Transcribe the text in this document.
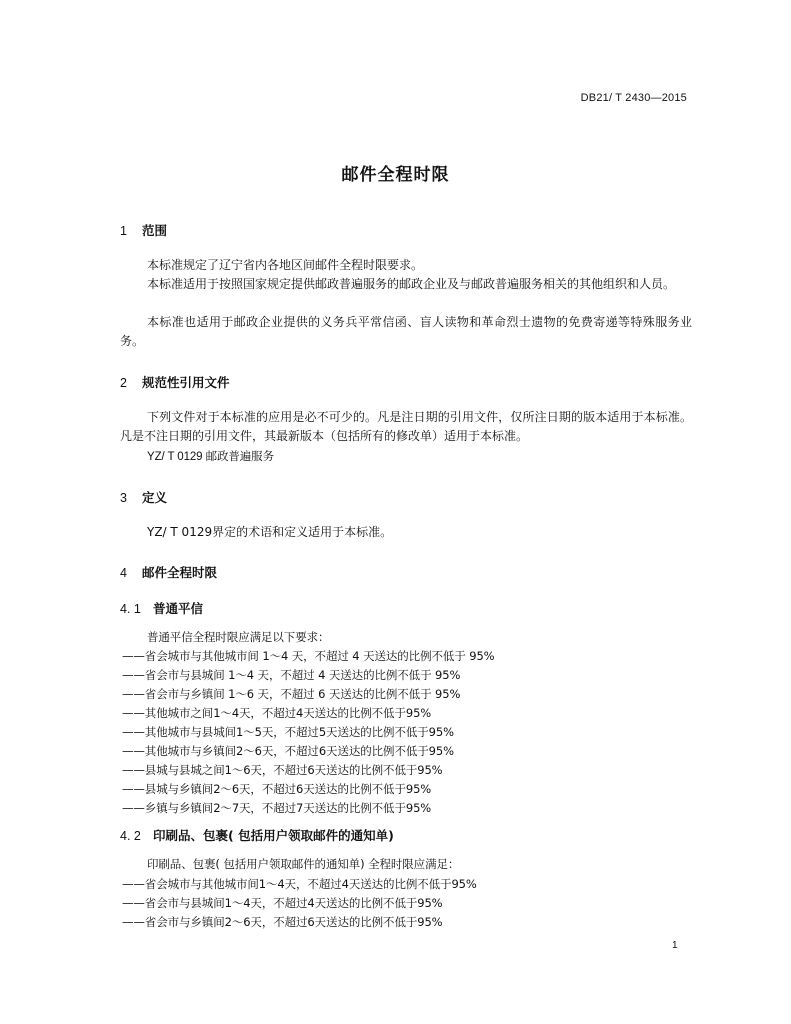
DB21/ T 2430—2015
邮件全程时限
1 范围
本标准规定了辽宁省内各地区间邮件全程时限要求。
本标准适用于按照国家规定提供邮政普遍服务的邮政企业及与邮政普遍服务相关的其他组织和人员。
本标准也适用于邮政企业提供的义务兵平常信函、盲人读物和革命烈士遗物的免费寄递等特殊服务业务。
2 规范性引用文件
下列文件对于本标准的应用是必不可少的。凡是注日期的引用文件，仅所注日期的版本适用于本标准。凡是不注日期的引用文件，其最新版本（包括所有的修改单）适用于本标准。
YZ/ T 0129 邮政普遍服务
3 定义
YZ/ T 0129界定的术语和定义适用于本标准。
4 邮件全程时限
4. 1 普通平信
普通平信全程时限应满足以下要求：
——省会城市与其他城市间 1～4 天，不超过 4 天送达的比例不低于 95%
——省会市与县城间 1～4 天，不超过 4 天送达的比例不低于 95%
——省会市与乡镇间 1～6 天，不超过 6 天送达的比例不低于 95%
——其他城市之间1～4天，不超过4天送达的比例不低于95%
——其他城市与县城间1～5天，不超过5天送达的比例不低于95%
——其他城市与乡镇间2～6天，不超过6天送达的比例不低于95%
——县城与县城之间1～6天，不超过6天送达的比例不低于95%
——县城与乡镇间2～6天，不超过6天送达的比例不低于95%
——乡镇与乡镇间2～7天，不超过7天送达的比例不低于95%
4. 2 印刷品、包裹( 包括用户领取邮件的通知单)
印刷品、包裹( 包括用户领取邮件的通知单) 全程时限应满足：
——省会城市与其他城市间1～4天，不超过4天送达的比例不低于95%
——省会市与县城间1～4天，不超过4天送达的比例不低于95%
——省会市与乡镇间2～6天，不超过6天送达的比例不低于95%
1
